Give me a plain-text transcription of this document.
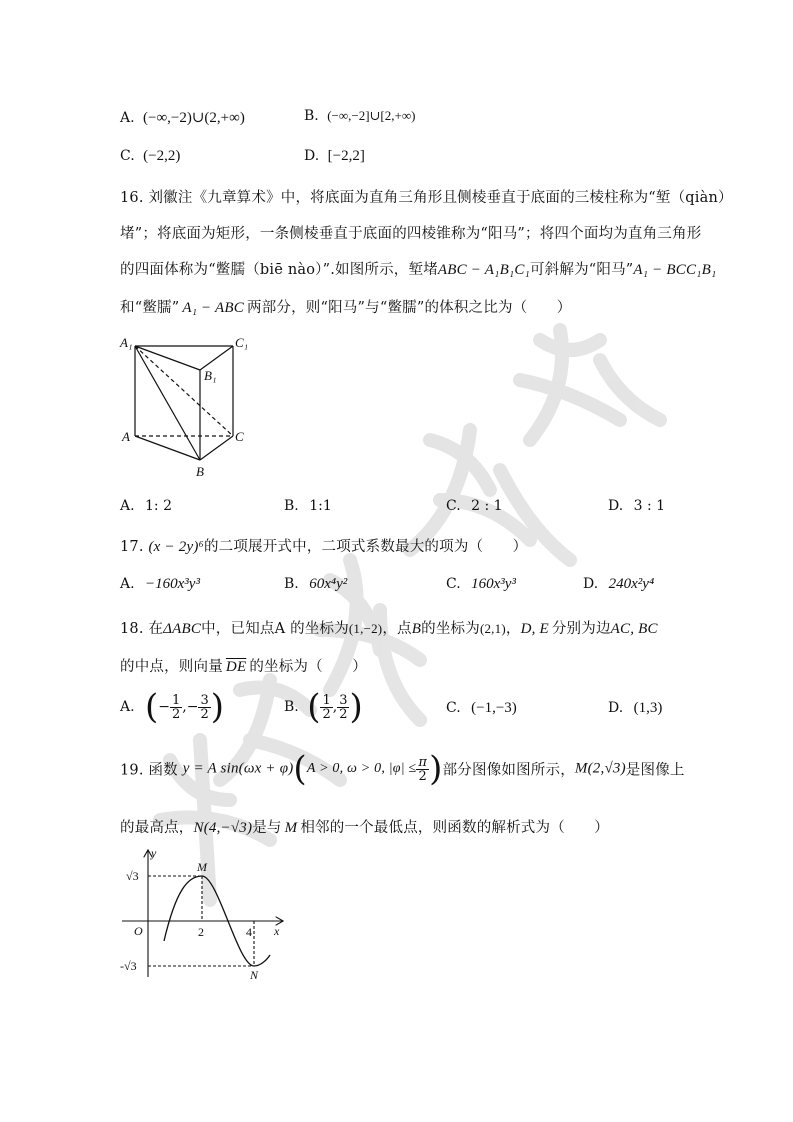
A. (−∞,−2)∪(2,+∞)	B. (−∞,−2]∪[2,+∞)
C. (−2,2)	D. [−2,2]
16. 刘徽注《九章算术》中，将底面为直角三角形且侧棱垂直于底面的三棱柱称为“堑（qiàn）
堵”；将底面为矩形，一条侧棱垂直于底面的四棱锥称为“阳马”；将四个面均为直角三角形
的四面体称为“鳖臑（biē nào）”.如图所示，堑堵ABC − A₁B₁C₁可斜解为“阳马”A₁ − BCC₁B₁
和“鳖臑” A₁ − ABC 两部分，则“阳马”与“鳖臑”的体积之比为（　　）
A₁	C₁
B₁
A	C
B
A. 1: 2	B. 1:1	C. 2 : 1	D. 3 : 1
17. (x − 2y)⁶的二项展开式中，二项式系数最大的项为（　　）
A. −160x³y³	B. 60x⁴y²	C. 160x³y³	D. 240x²y⁴
18. 在ΔABC中，已知点A 的坐标为(1,−2)，点B的坐标为(2,1)，D, E 分别为边AC, BC
的中点，则向量 $\overline{DE}$ 的坐标为（　　）
A. (− $\frac{1}{2}$ ,− $\frac{3}{2}$ )	B. ( $\frac{1}{2}$ , $\frac{3}{2}$ )	C. (−1,−3)	D. (1,3)
19. 函数 y = A sin(ωx + φ)(A > 0, ω > 0, $|\varphi| \le \frac{\pi}{2}$ )部分图像如图所示，M(2,√3)是图像上
的最高点，N(4,−√3)是与 M 相邻的一个最低点，则函数的解析式为（　　）
y
x
O
M
N
2	4
√3
-√3
